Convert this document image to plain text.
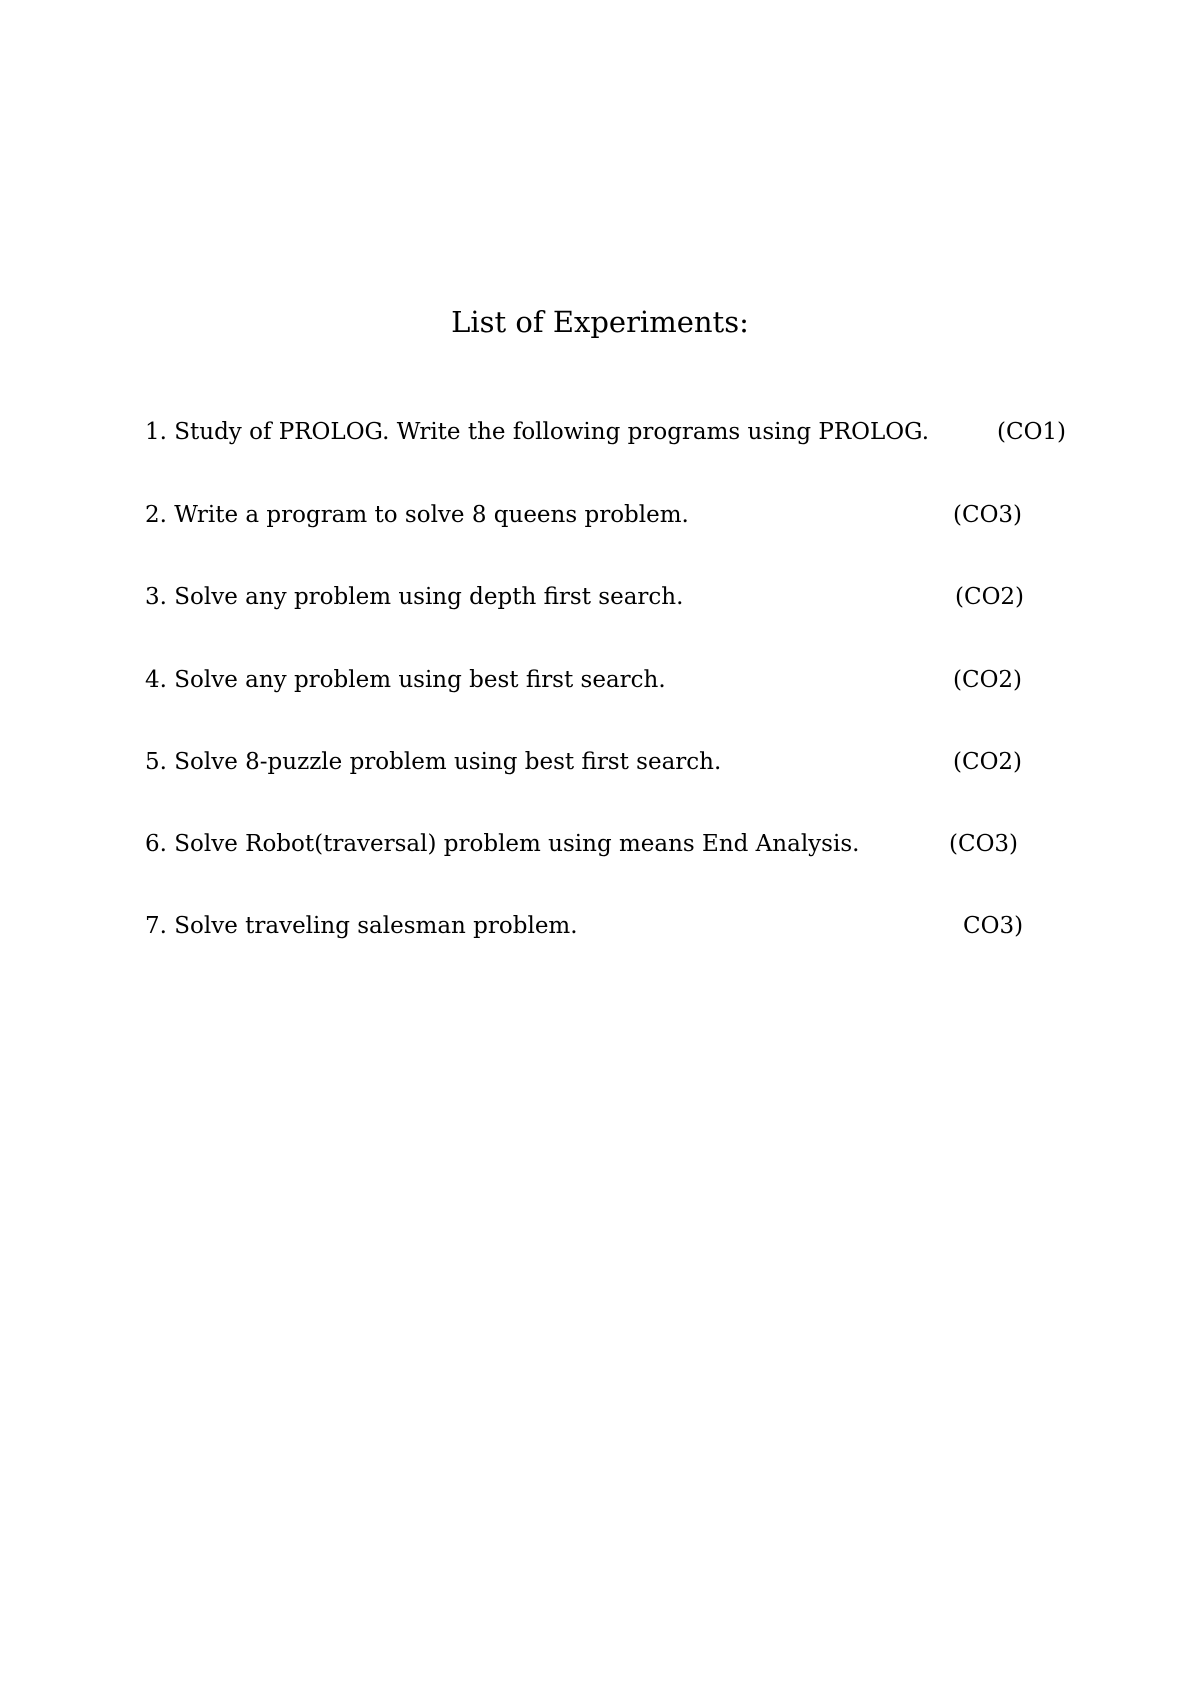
List of Experiments:
1. Study of PROLOG. Write the following programs using PROLOG.	(CO1)
2. Write a program to solve 8 queens problem.	(CO3)
3. Solve any problem using depth first search.	(CO2)
4. Solve any problem using best first search.	(CO2)
5. Solve 8-puzzle problem using best first search.	(CO2)
6. Solve Robot(traversal) problem using means End Analysis.	(CO3)
7. Solve traveling salesman problem.	CO3)
